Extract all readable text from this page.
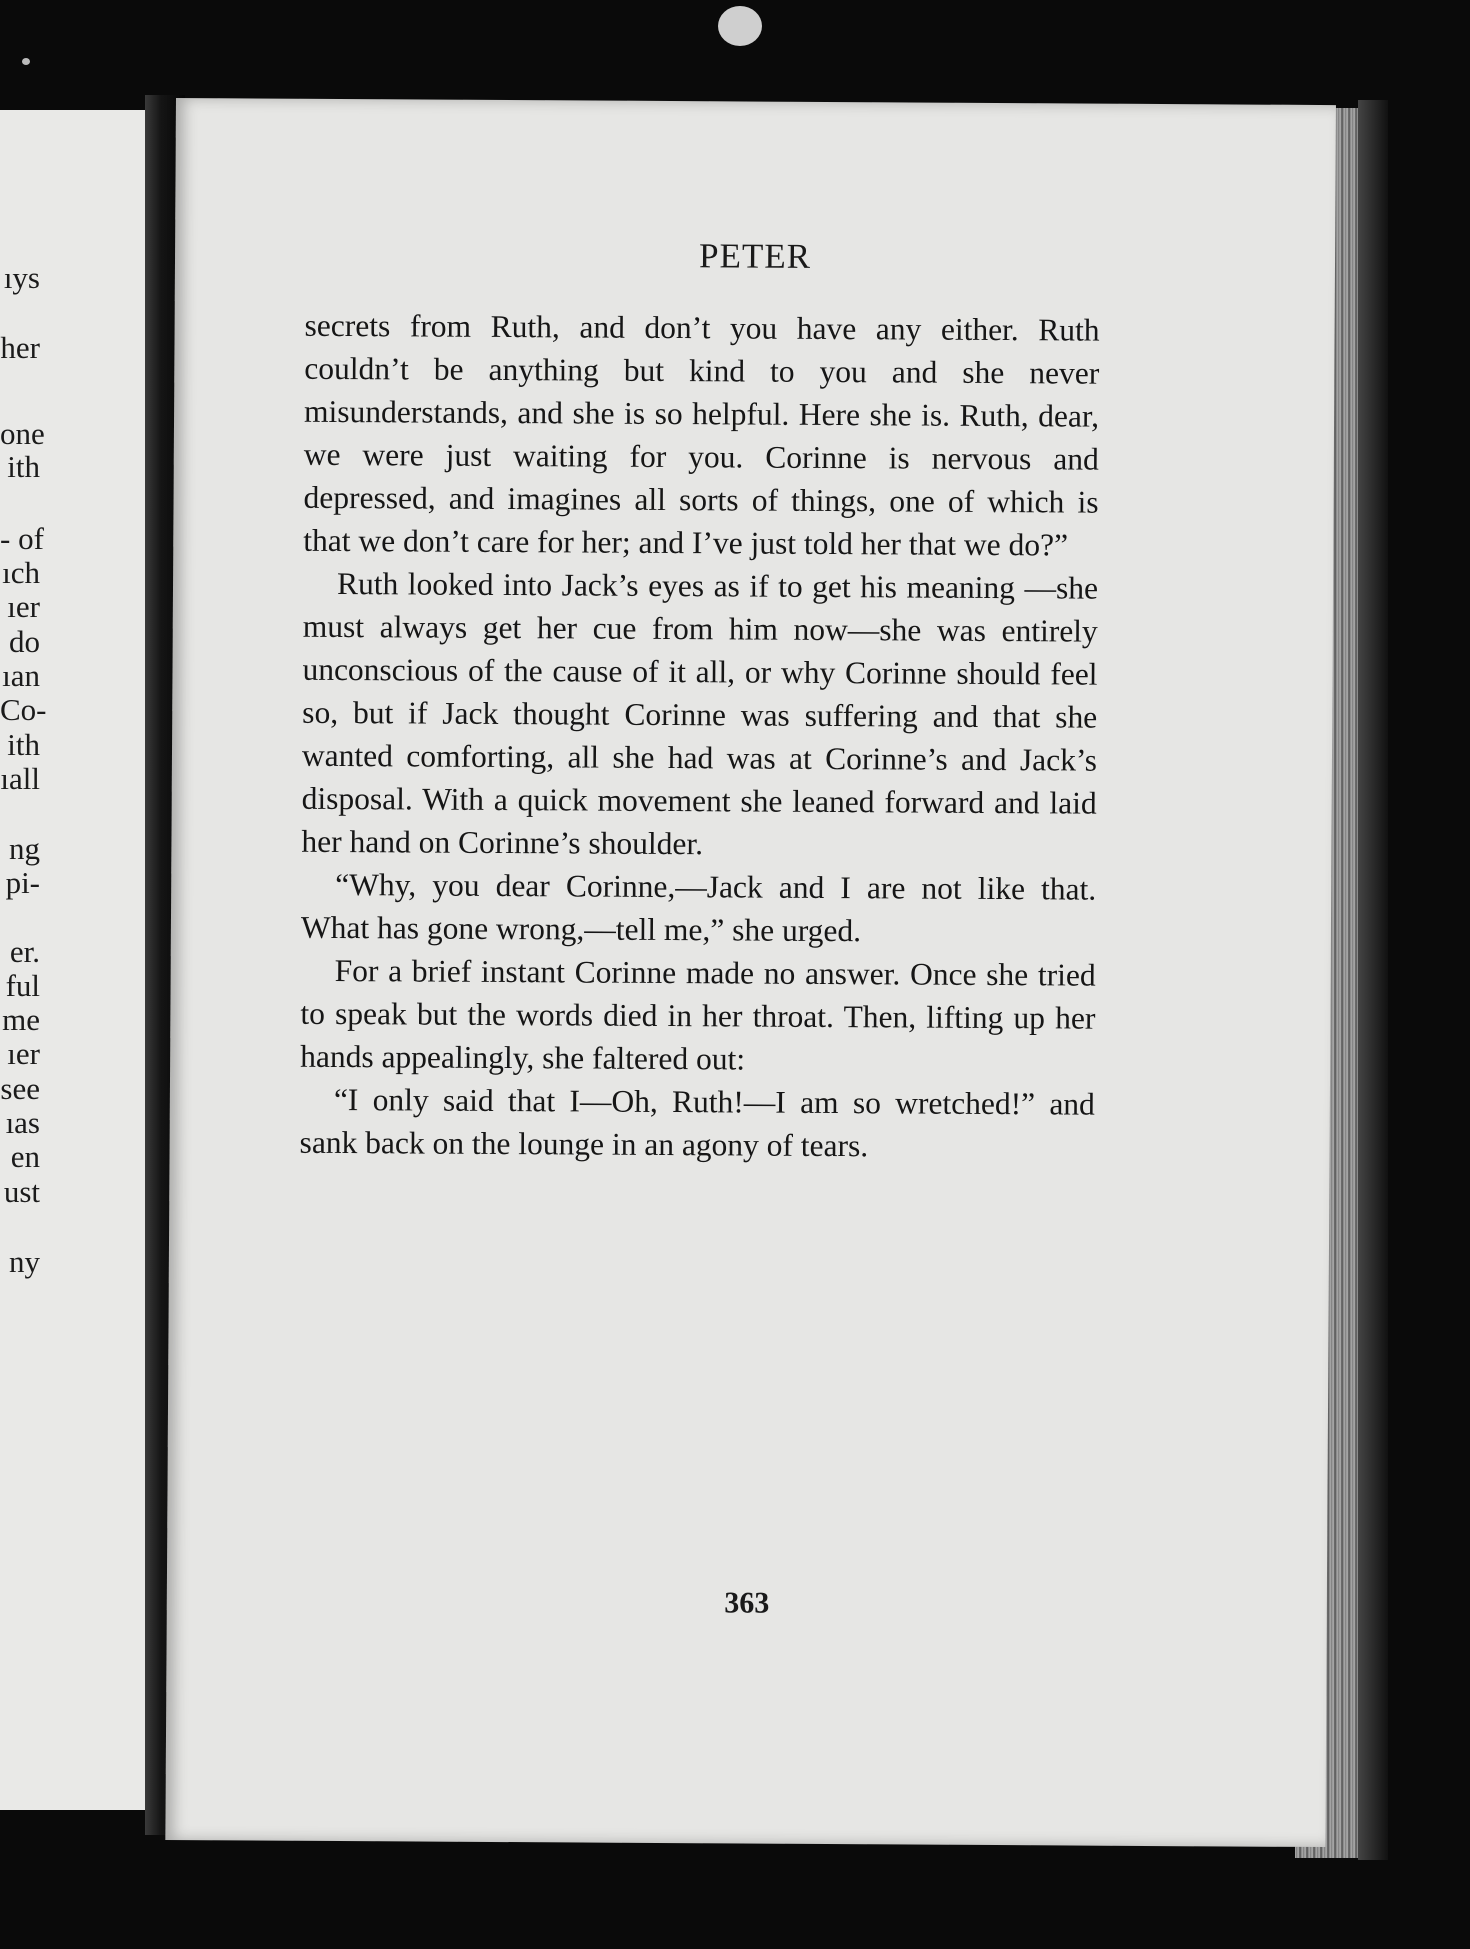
ıys
her
one
ith
- of
ıch
ıer
do
ıan
Co-
ith
ıall
ng
pi-
er.
ful
me
ıer
see
ıas
en
ust
ny
PETER

secrets from Ruth, and don’t you have any either. Ruth couldn’t be anything but kind to you and she never misunderstands, and she is so helpful. Here she is. Ruth, dear, we were just waiting for you. Corinne is nervous and depressed, and imagines all sorts of things, one of which is that we don’t care for her; and I’ve just told her that we do?”

Ruth looked into Jack’s eyes as if to get his meaning —she must always get her cue from him now—she was entirely unconscious of the cause of it all, or why Corinne should feel so, but if Jack thought Corinne was suffering and that she wanted comforting, all she had was at Corinne’s and Jack’s disposal. With a quick movement she leaned forward and laid her hand on Corinne’s shoulder.

“Why, you dear Corinne,—Jack and I are not like that. What has gone wrong,—tell me,” she urged.

For a brief instant Corinne made no answer. Once she tried to speak but the words died in her throat. Then, lifting up her hands appealingly, she faltered out:

“I only said that I—Oh, Ruth!—I am so wretched!” and sank back on the lounge in an agony of tears.

363
